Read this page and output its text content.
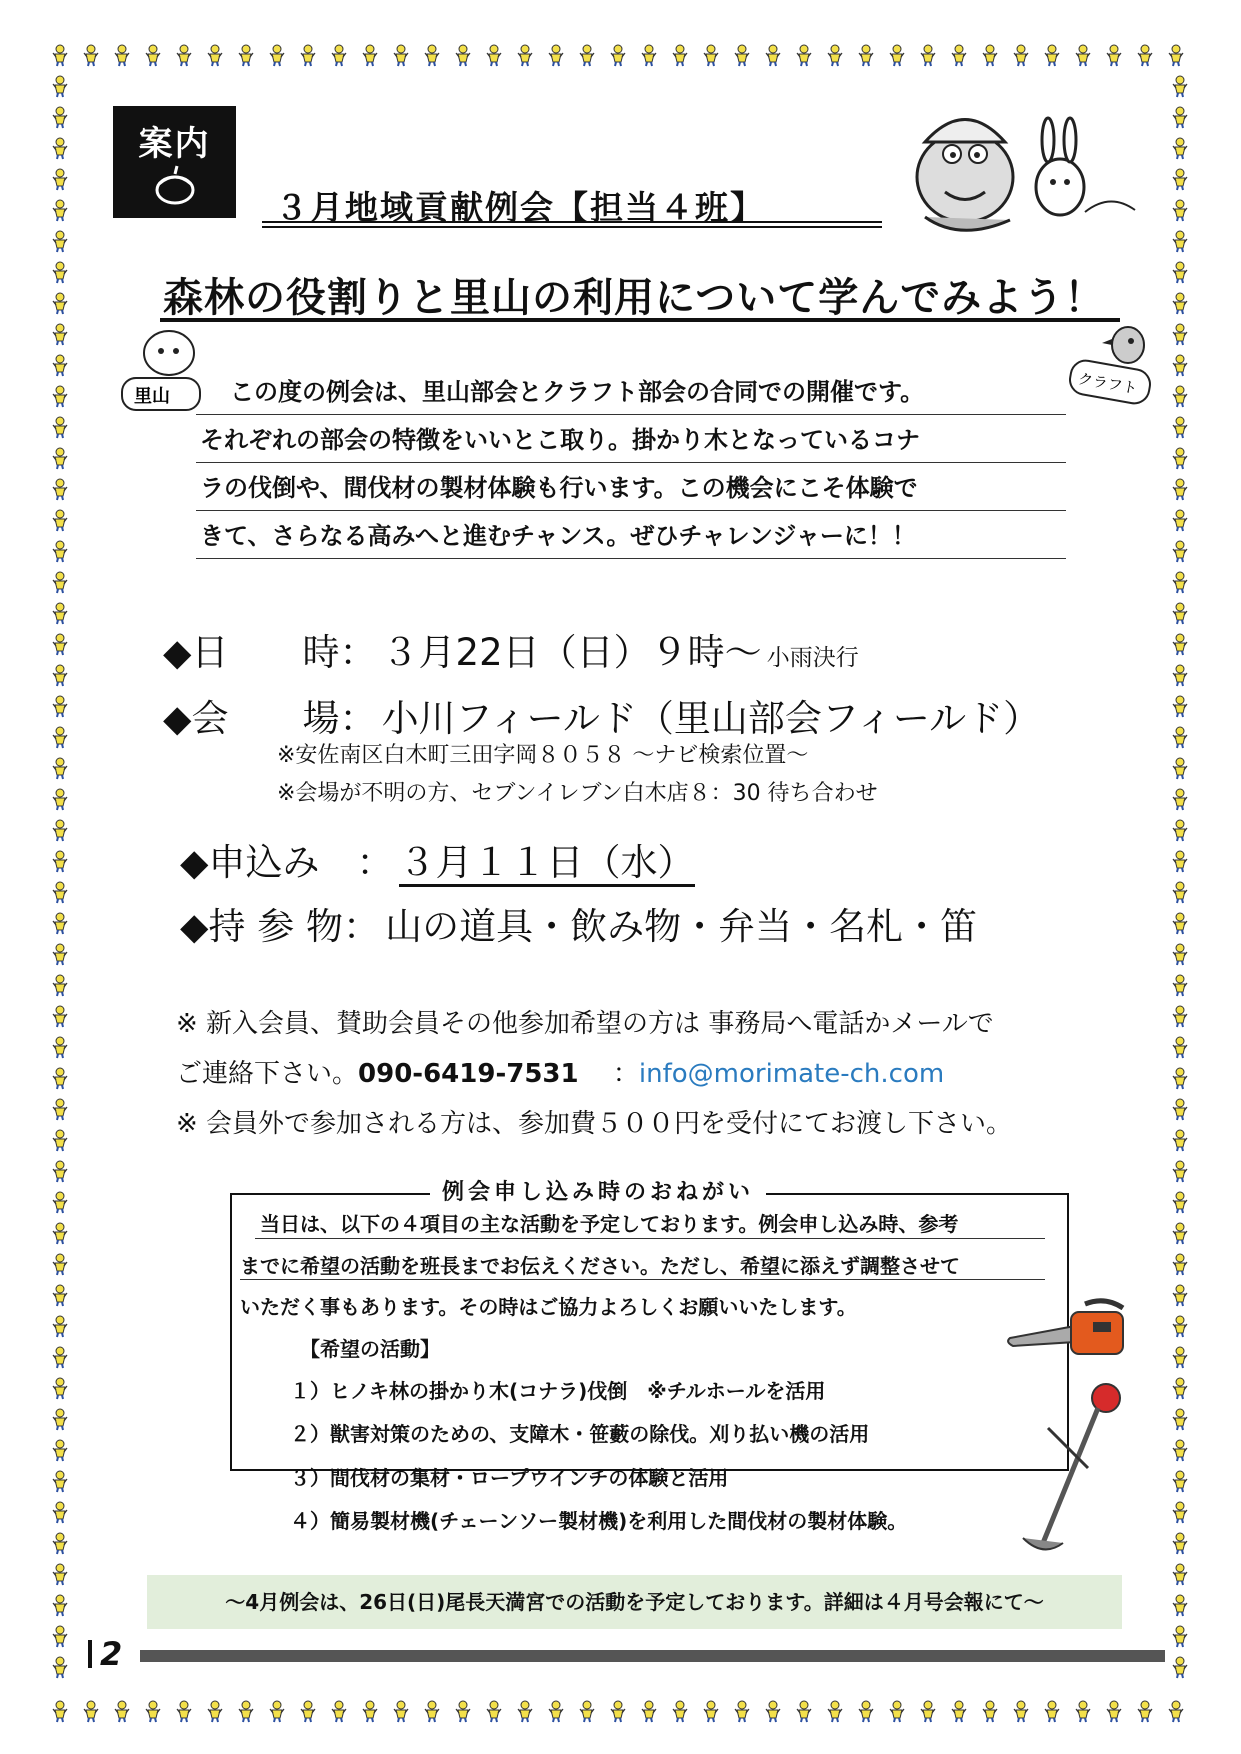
案内
３月地域貢献例会【担当４班】
森林の役割りと里山の利用について学んでみよう！
里山	クラフト
この度の例会は、里山部会とクラフト部会の合同での開催です。
それぞれの部会の特徴をいいとこ取り。掛かり木となっているコナ
ラの伐倒や、間伐材の製材体験も行います。この機会にこそ体験で
きて、さらなる高みへと進むチャンス。ぜひチャレンジャーに！！
◆日　　時： ３月22日（日）９時〜 小雨決行
◆会　　場： 小川フィールド（里山部会フィールド）
※安佐南区白木町三田字岡８０５８ 〜ナビ検索位置〜
※会場が不明の方、セブンイレブン白木店８：30 待ち合わせ
◆申込み　： ３月１１日（水）
◆持 参 物： 山の道具・飲み物・弁当・名札・笛
※ 新入会員、賛助会員その他参加希望の方は 事務局へ電話かメールで
ご連絡下さい。090-6419-7531 ：info@morimate-ch.com
※ 会員外で参加される方は、参加費５００円を受付にてお渡し下さい。
例会申し込み時のおねがい
当日は、以下の４項目の主な活動を予定しております。例会申し込み時、参考
までに希望の活動を班長までお伝えください。ただし、希望に添えず調整させて
いただく事もあります。その時はご協力よろしくお願いいたします。
【希望の活動】
１）ヒノキ林の掛かり木(コナラ)伐倒　※チルホールを活用
２）獣害対策のための、支障木・笹藪の除伐。刈り払い機の活用
３）間伐材の集材・ロープウインチの体験と活用
４）簡易製材機(チェーンソー製材機)を利用した間伐材の製材体験。
〜4月例会は、26日(日)尾長天満宮での活動を予定しております。詳細は４月号会報にて〜
2
